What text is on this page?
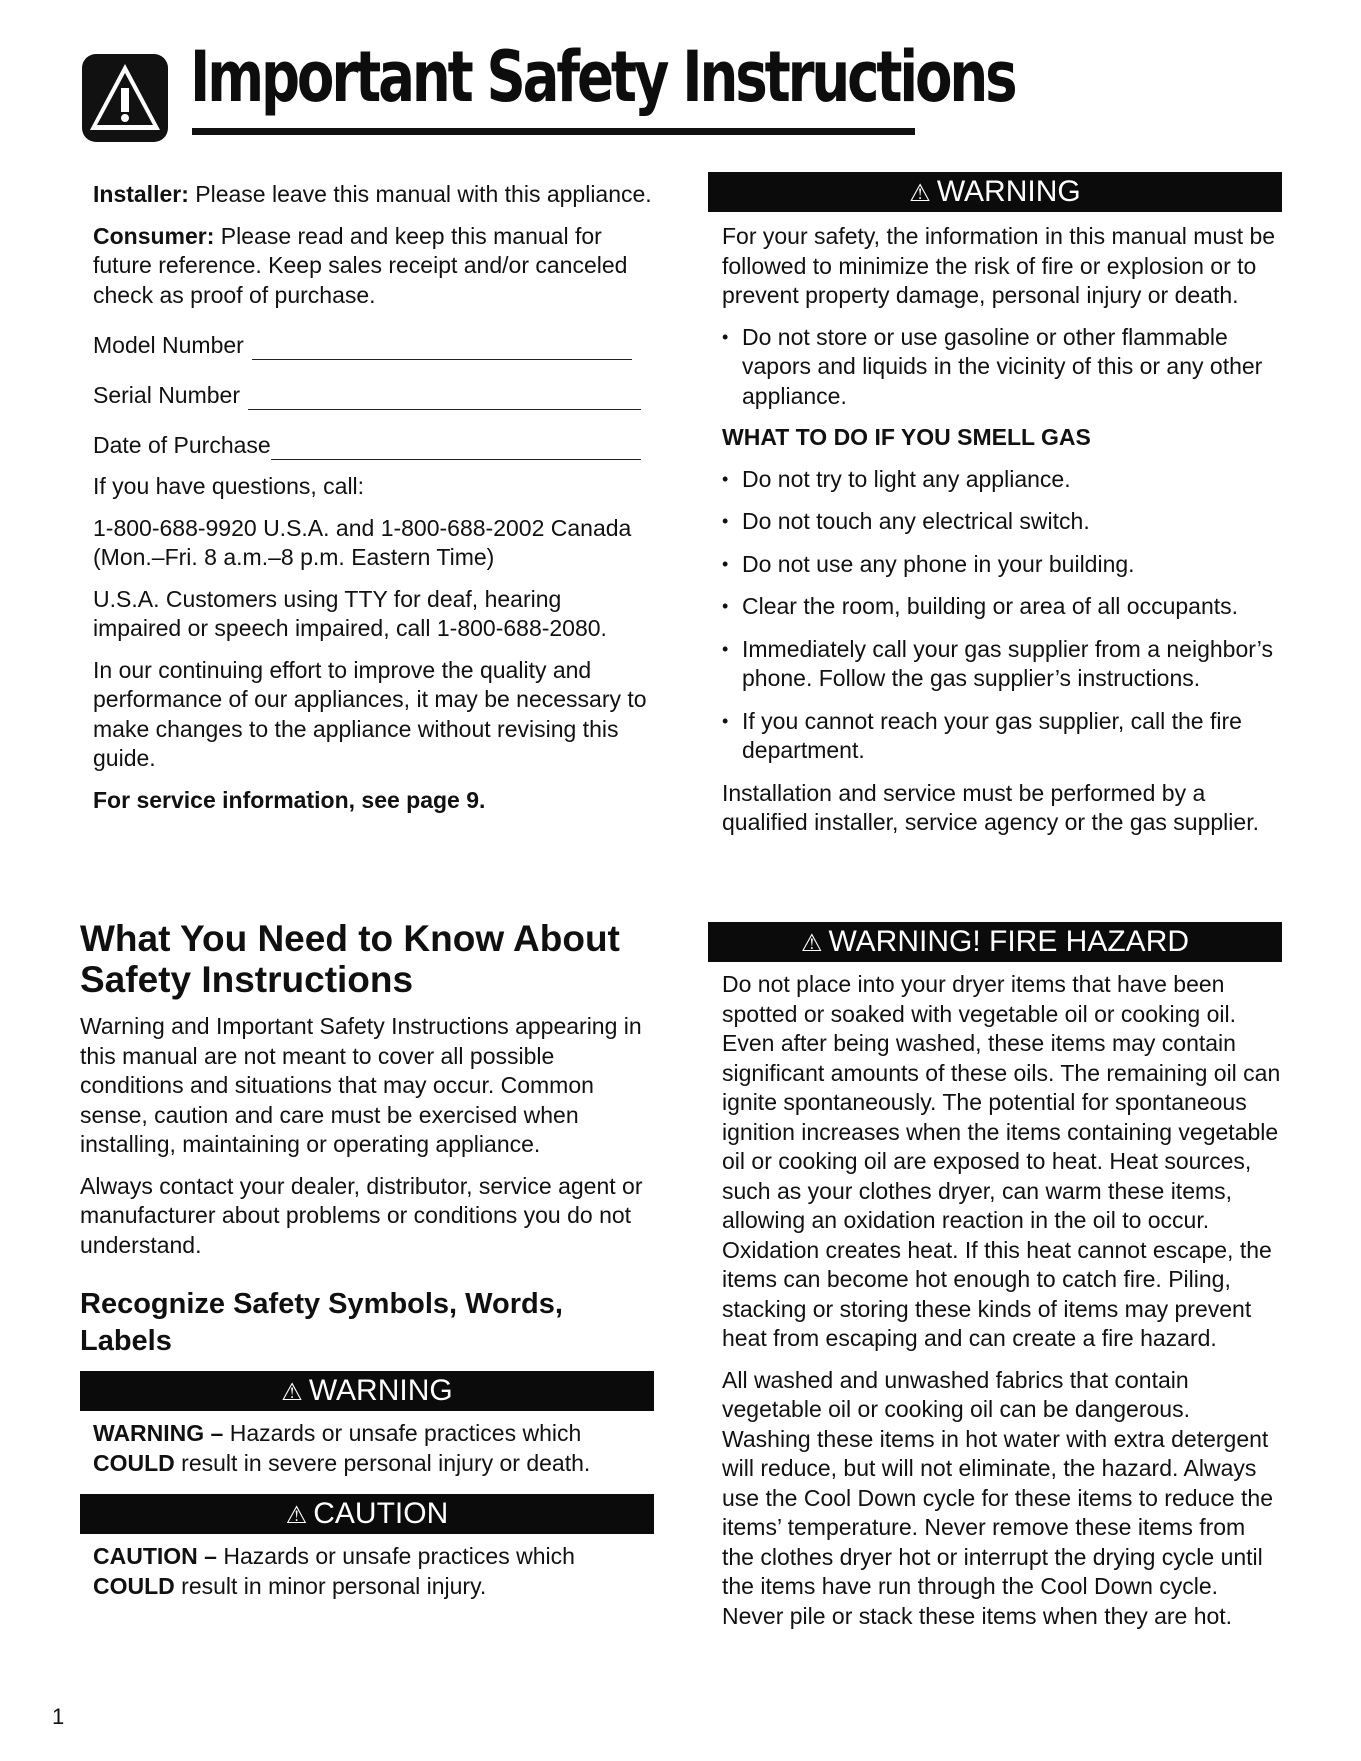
Important Safety Instructions

Installer: Please leave this manual with this appliance.

Consumer: Please read and keep this manual for future reference. Keep sales receipt and/or canceled check as proof of purchase.

Model Number
Serial Number
Date of Purchase

If you have questions, call:

1-800-688-9920 U.S.A. and 1-800-688-2002 Canada (Mon.–Fri. 8 a.m.–8 p.m. Eastern Time)

U.S.A. Customers using TTY for deaf, hearing impaired or speech impaired, call 1-800-688-2080.

In our continuing effort to improve the quality and performance of our appliances, it may be necessary to make changes to the appliance without revising this guide.

For service information, see page 9.

⚠ WARNING

For your safety, the information in this manual must be followed to minimize the risk of fire or explosion or to prevent property damage, personal injury or death.

• Do not store or use gasoline or other flammable vapors and liquids in the vicinity of this or any other appliance.

WHAT TO DO IF YOU SMELL GAS

• Do not try to light any appliance.
• Do not touch any electrical switch.
• Do not use any phone in your building.
• Clear the room, building or area of all occupants.
• Immediately call your gas supplier from a neighbor’s phone. Follow the gas supplier’s instructions.
• If you cannot reach your gas supplier, call the fire department.

Installation and service must be performed by a qualified installer, service agency or the gas supplier.

What You Need to Know About Safety Instructions

Warning and Important Safety Instructions appearing in this manual are not meant to cover all possible conditions and situations that may occur. Common sense, caution and care must be exercised when installing, maintaining or operating appliance.

Always contact your dealer, distributor, service agent or manufacturer about problems or conditions you do not understand.

Recognize Safety Symbols, Words, Labels
⚠ WARNING
WARNING – Hazards or unsafe practices which
COULD result in severe personal injury or death.
⚠ CAUTION
CAUTION – Hazards or unsafe practices which
COULD result in minor personal injury.
⚠ WARNING! FIRE HAZARD

Do not place into your dryer items that have been spotted or soaked with vegetable oil or cooking oil. Even after being washed, these items may contain significant amounts of these oils. The remaining oil can ignite spontaneously. The potential for spontaneous ignition increases when the items containing vegetable oil or cooking oil are exposed to heat. Heat sources, such as your clothes dryer, can warm these items, allowing an oxidation reaction in the oil to occur. Oxidation creates heat. If this heat cannot escape, the items can become hot enough to catch fire. Piling, stacking or storing these kinds of items may prevent heat from escaping and can create a fire hazard.

All washed and unwashed fabrics that contain vegetable oil or cooking oil can be dangerous. Washing these items in hot water with extra detergent will reduce, but will not eliminate, the hazard. Always use the Cool Down cycle for these items to reduce the items’ temperature. Never remove these items from the clothes dryer hot or interrupt the drying cycle until the items have run through the Cool Down cycle. Never pile or stack these items when they are hot.

1
